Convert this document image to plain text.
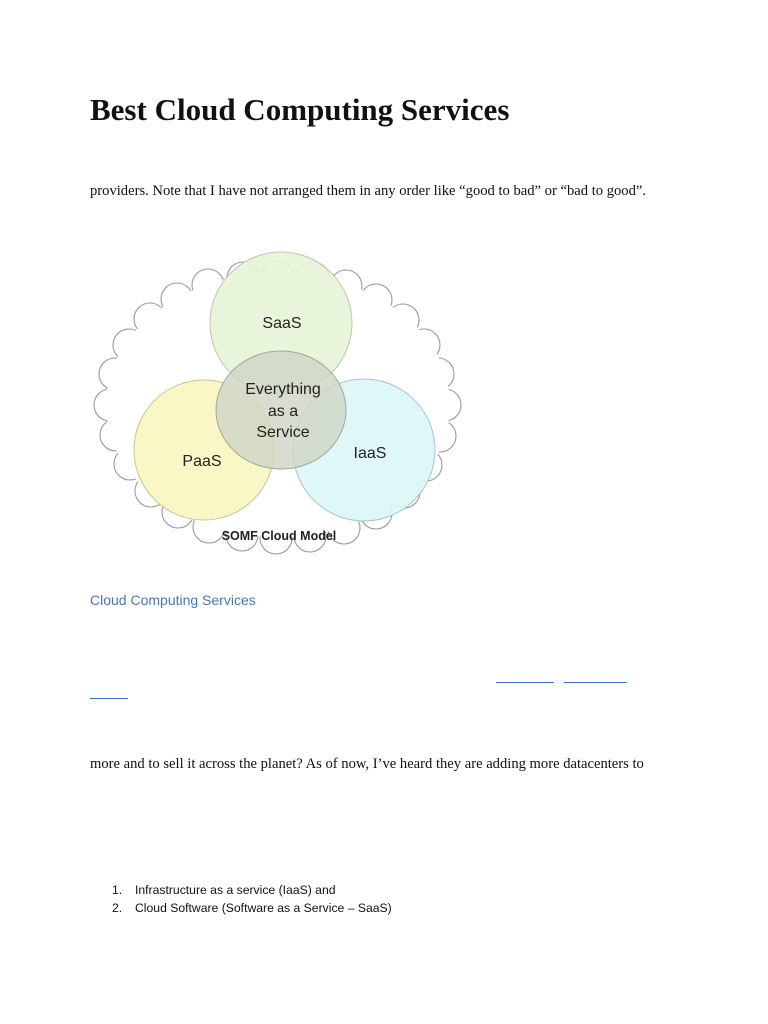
Best Cloud Computing Services

providers. Note that I have not arranged them in any order like “good to bad” or “bad to good”.

SaaS
Everything
as a
Service
PaaS	IaaS
SOMF Cloud Model

Cloud Computing Services

more and to sell it across the planet? As of now, I’ve heard they are adding more datacenters to

1. Infrastructure as a service (IaaS) and
2. Cloud Software (Software as a Service – SaaS)
